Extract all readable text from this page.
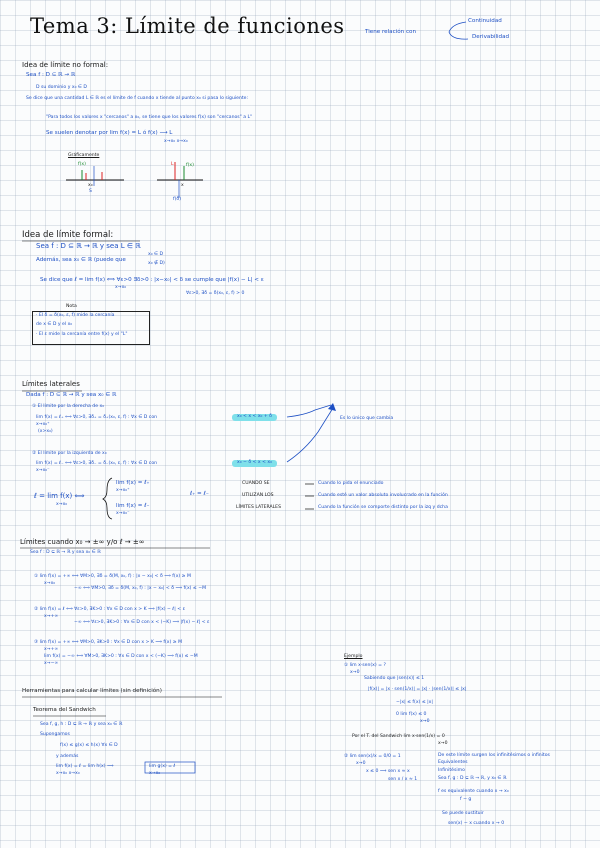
Tema 3: Límite de funciones	Tiene relación con
Continuidad
Derivabilidad
Idea de límite no formal:
Sea f : D ⊆ ℝ → ℝ
D su dominio y x₀ ∈ D
Se dice que una cantidad L ∈ ℝ es el límite de f cuando x tiende al punto x₀ si pasa lo siguiente:
"Para todos los valores x "cercanos" a x₀, se tiene que los valores f(x) son "cercanos" a L"
Se suelen denotar por lim f(x) = L ó f(x) ⟶ L
x→x₀ x→x₀
Gráficamente
x₀
f(x)
S
L	f(x)
x
f(δ)
Idea de límite formal:
Sea f : D ⊆ ℝ → ℝ y sea L ∈ ℝ
Además, sea x₀ ∈ ℝ (puede que
x₀ ∈ D
x₀ ∉ D)
Se dice que ℓ = lim f(x) ⟺ ∀ε>0 ∃δ>0 : |x−x₀| < δ se cumple que |f(x) − L| < ε
x→x₀
∀ε>0, ∃δ = δ(x₀, ε, f) > 0
Nota
· El δ = δ(x₀, ε, f) mide la cercanía
de x ∈ D y el x₀
· El ε mide la cercanía entre f(x) y el "L"
Límites laterales
Dada f : D ⊆ ℝ → ℝ y sea x₀ ∈ ℝ
① El límite por la derecha de x₀
lim f(x) = ℓ₊ ⟺ ∀ε>0, ∃δ₊ = δ₊(x₀, ε, f) : ∀x ∈ D con
x→x₀⁺
(x>x₀)
x₀ < x < x₀ + δ	Es lo único que cambia
② El límite por la izquierda de x₀
lim f(x) = ℓ₋ ⟺ ∀ε>0, ∃δ₋ = δ₋(x₀, ε, f) : ∀x ∈ D con
x→x₀⁻
x₀ − δ < x < x₀
ℓ = lim f(x) ⟺
x→x₀
lim f(x) = ℓ₊
x→x₀⁺
lim f(x) = ℓ₋
x→x₀⁻
ℓ₊ = ℓ₋
CUANDO SE
UTILIZAN LOS
LÍMITES LATERALES
Cuando lo pida el enunciado
Cuando esté un valor absoluto involucrado en la función
Cuando la función se comporte distinto por la izq y dcha
Límites cuando x₀ → ±∞ y/o ℓ → ±∞
Sea f : D ⊆ ℝ → ℝ y sea x₀ ∈ ℝ
① lim f(x) = +∞ ⟺ ∀M>0, ∃δ = δ(M, x₀, f) : |x − x₀| < δ ⟹ f(x) ≥ M
x→x₀
−∞ ⟺ ∀M>0, ∃δ = δ(M, x₀, f) : |x − x₀| < δ ⟹ f(x) ≤ −M
② lim f(x) = ℓ ⟺ ∀ε>0, ∃K>0 : ∀x ∈ D con x > K ⟹ |f(x) − ℓ| < ε
x→+∞
−∞ ⟺ ∀ε>0, ∃K>0 : ∀x ∈ D con x < (−K) ⟹ |f(x) − ℓ| < ε
③ lim f(x) = +∞ ⟺ ∀M>0, ∃K>0 : ∀x ∈ D con x > K ⟹ f(x) ≥ M
x→+∞
lim f(x) = −∞ ⟺ ∀M>0, ∃K>0 : ∀x ∈ D con x < (−K) ⟹ f(x) ≤ −M
x→−∞
Herramientas para calcular límites (sin definición)
Teorema del Sandwich
Sea f, g, h : D ⊆ ℝ → ℝ y sea x₀ ∈ ℝ
Supongamos
f(x) ≤ g(x) ≤ h(x) ∀x ∈ D
y además
lim f(x) = ℓ = lim h(x) ⟹
x→x₀ x→x₀
lim g(x) = ℓ
x→x₀
Ejemplo
① lim x·sen(x) = ?
x→0
Sabiendo que |sen(x)| ≤ 1
|f(x)| = |x · sen(1/x)| = |x| · |sen(1/x)| ≤ |x|
−|x| ≤ f(x) ≤ |x|
0 lim f(x) ≤ 0
x→0
Por el T. del Sandwich lim x·sen(1/x) = 0
x→0
② lim sen(x)/x = 0/0 = 1
x→0
x ≤ 0 ⟹ sen x ≈ x
sen x / x ≈ 1
De este límite surgen los infinitésimos o infinitos
Equivalentes
Infinitésimo
Sea f, g : D ⊆ ℝ → ℝ, y x₀ ∈ ℝ
f es equivalente cuando x → x₀
f ∼ g
Se puede sustituir
sen(x) ∼ x cuando x → 0
